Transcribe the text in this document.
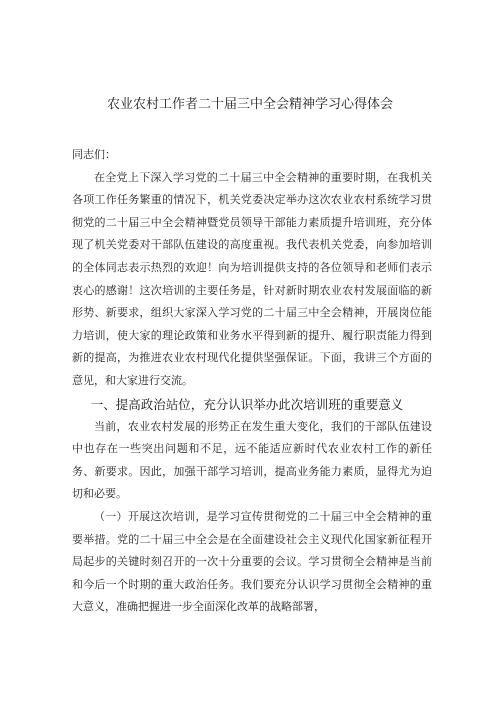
农业农村工作者二十届三中全会精神学习心得体会

同志们：

在全党上下深入学习党的二十届三中全会精神的重要时期，在我机关各项工作任务繁重的情况下，机关党委决定举办这次农业农村系统学习贯彻党的二十届三中全会精神暨党员领导干部能力素质提升培训班，充分体现了机关党委对干部队伍建设的高度重视。我代表机关党委，向参加培训的全体同志表示热烈的欢迎！向为培训提供支持的各位领导和老师们表示衷心的感谢！这次培训的主要任务是，针对新时期农业农村发展面临的新形势、新要求，组织大家深入学习党的二十届三中全会精神，开展岗位能力培训，使大家的理论政策和业务水平得到新的提升、履行职责能力得到新的提高，为推进农业农村现代化提供坚强保证。下面，我讲三个方面的意见，和大家进行交流。

一、提高政治站位，充分认识举办此次培训班的重要意义

当前，农业农村发展的形势正在发生重大变化，我们的干部队伍建设中也存在一些突出问题和不足，远不能适应新时代农业农村工作的新任务、新要求。因此，加强干部学习培训，提高业务能力素质，显得尤为迫切和必要。

（一）开展这次培训，是学习宣传贯彻党的二十届三中全会精神的重要举措。党的二十届三中全会是在全面建设社会主义现代化国家新征程开局起步的关键时刻召开的一次十分重要的会议。学习贯彻全会精神是当前和今后一个时期的重大政治任务。我们要充分认识学习贯彻全会精神的重大意义，准确把握进一步全面深化改革的战略部署，
